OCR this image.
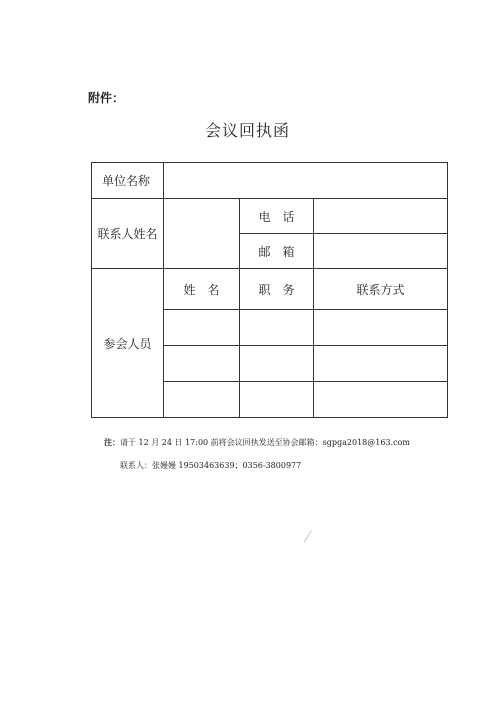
附件：
会议回执函
单位名称			
联系人姓名		电　话	
		邮　箱	
参会人员	姓　名	职　务	联系方式

注：请于 12 月 24 日 17:00 前将会议回执发送至协会邮箱：sgpga2018@163.com
联系人：张嫚嫚 19503463639；0356-3800977
